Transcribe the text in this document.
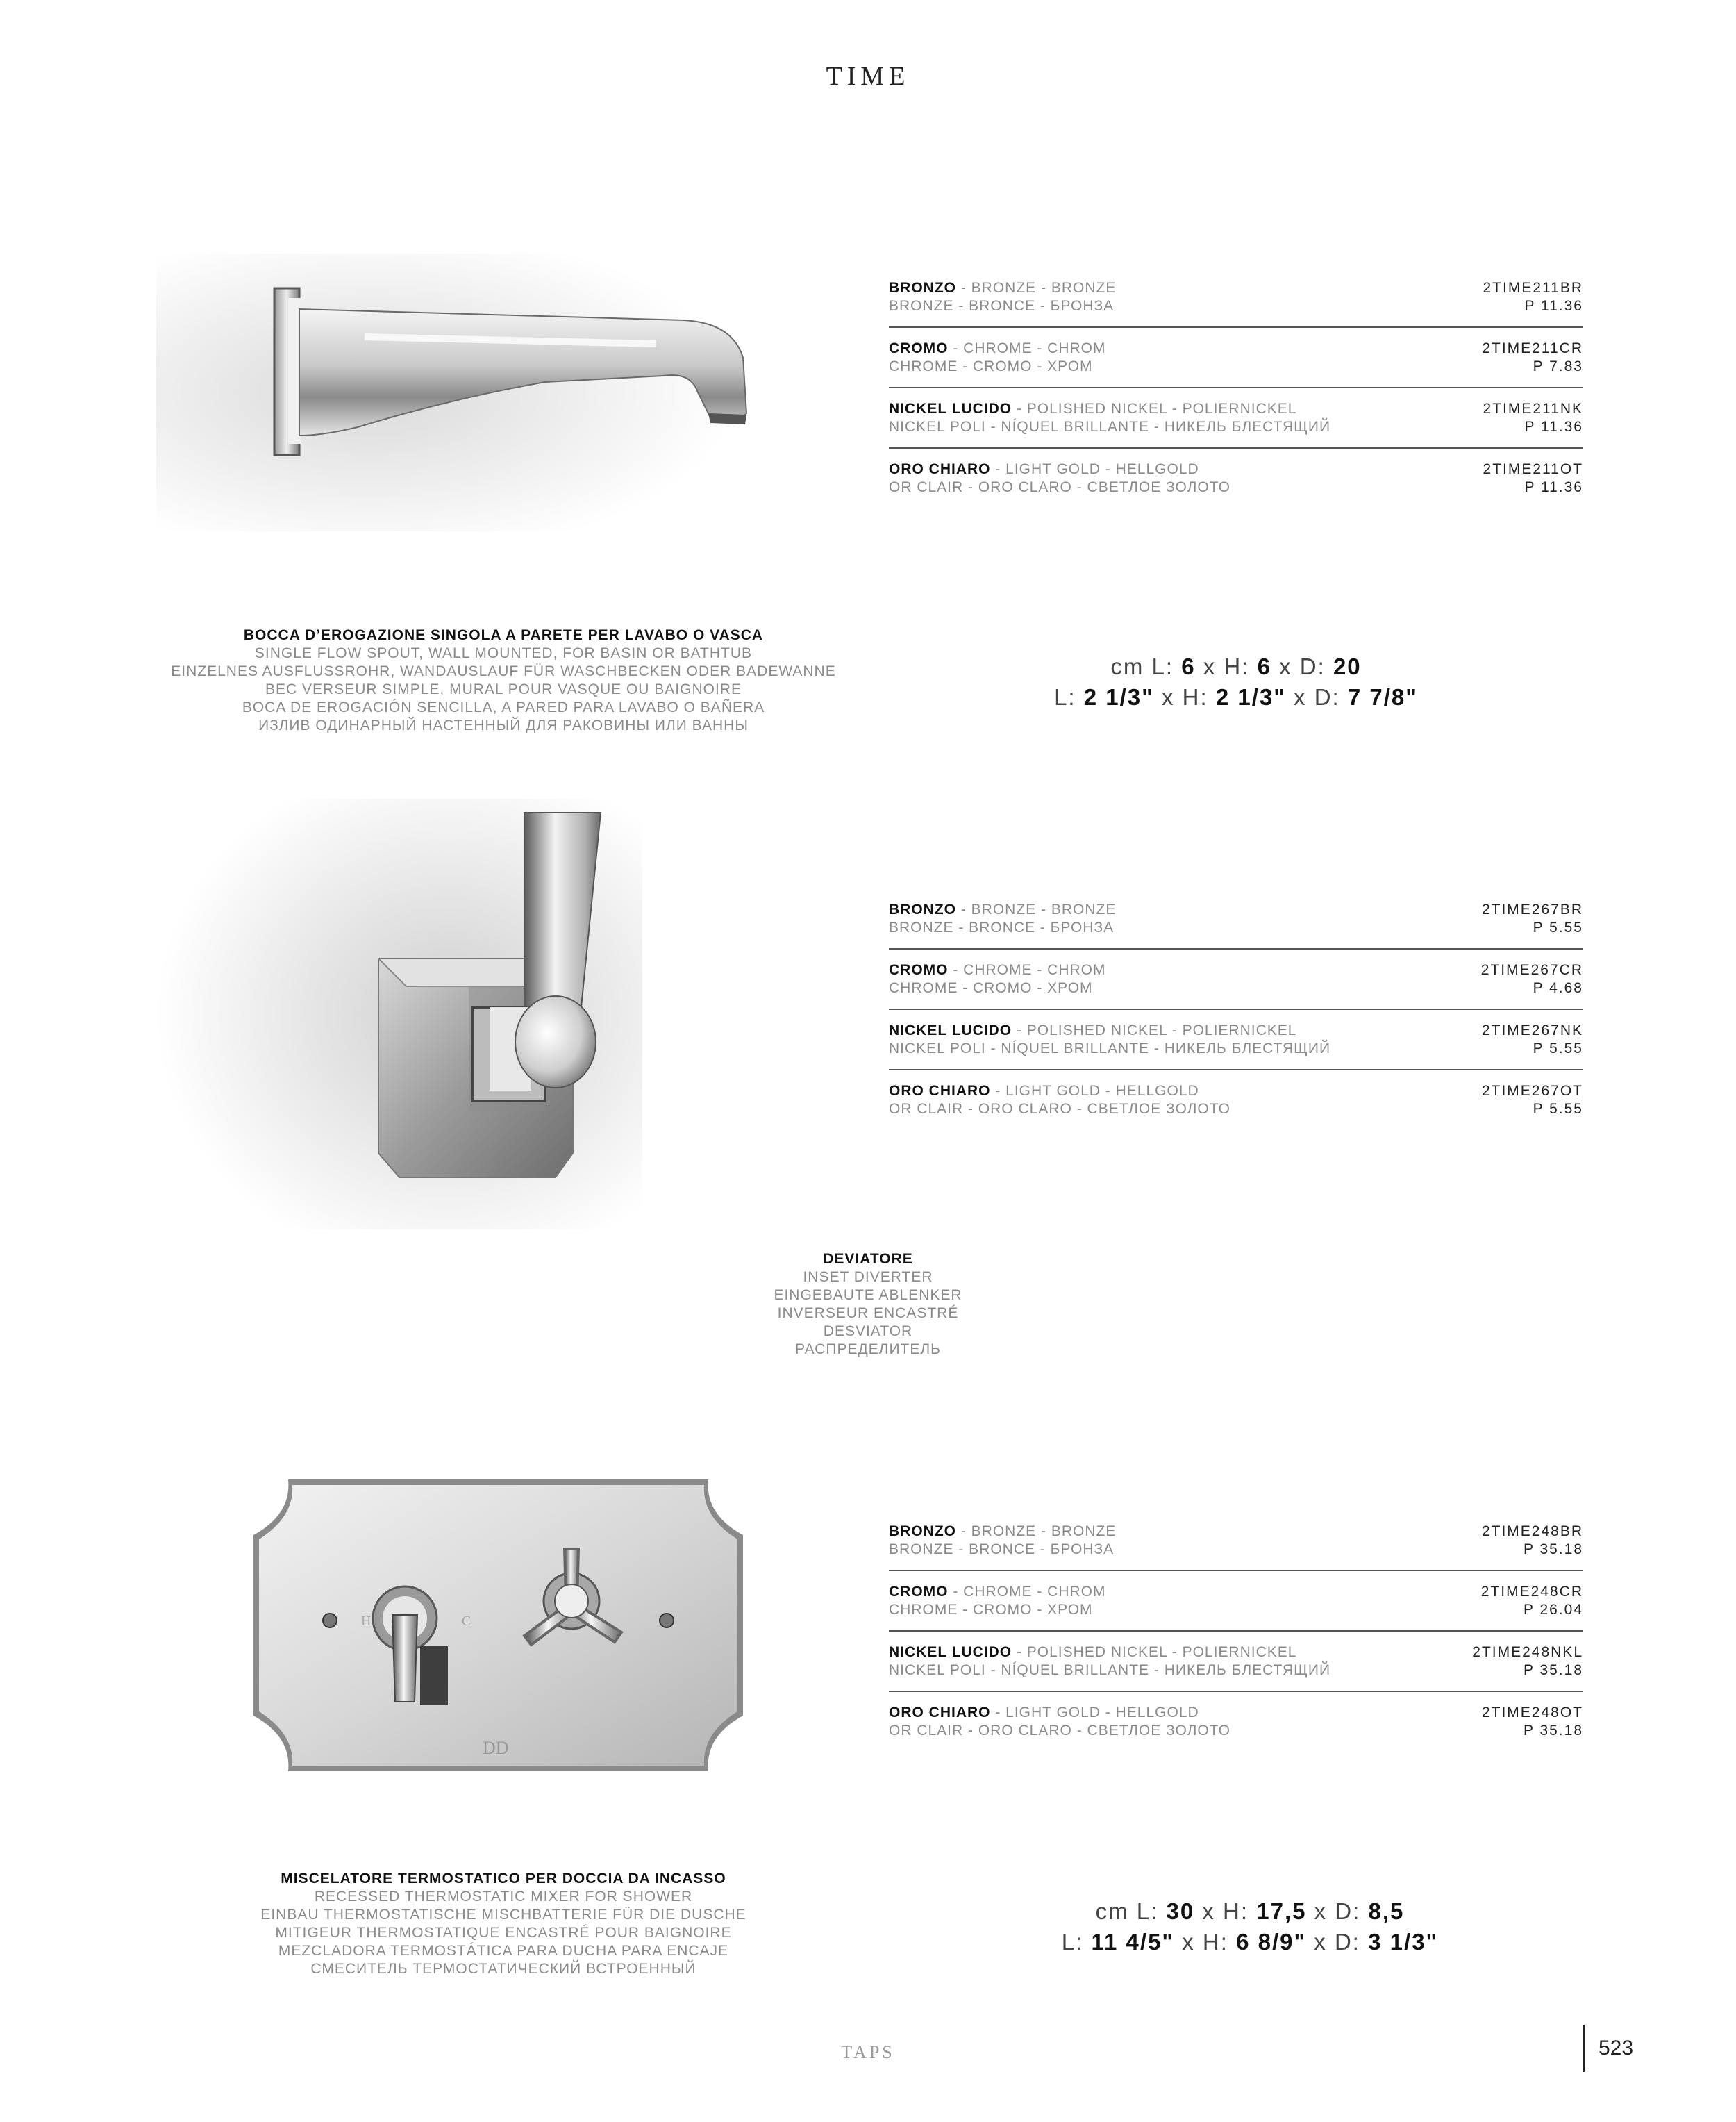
TIME
TAPS	523
BRONZO - BRONZE - BRONZE
BRONZE - BRONCE - БРОНЗА
2TIME211BR
P 11.36
CROMO - CHROME - CHROM
CHROME - CROMO - ХРОМ
2TIME211CR
P 7.83
NICKEL LUCIDO - POLISHED NICKEL - POLIERNICKEL
NICKEL POLI - NÍQUEL BRILLANTE - НИКЕЛЬ БЛЕСТЯЩИЙ
2TIME211NK
P 11.36
ORO CHIARO - LIGHT GOLD - HELLGOLD
OR CLAIR - ORO CLARO - СВЕТЛОЕ ЗОЛОТО
2TIME211OT
P 11.36
BOCCA D’EROGAZIONE SINGOLA A PARETE PER LAVABO O VASCA
SINGLE FLOW SPOUT, WALL MOUNTED, FOR BASIN OR BATHTUB
EINZELNES AUSFLUSSROHR, WANDAUSLAUF FÜR WASCHBECKEN ODER BADEWANNE
BEC VERSEUR SIMPLE, MURAL POUR VASQUE OU BAIGNOIRE
BOCA DE EROGACIÓN SENCILLA, A PARED PARA LAVABO O BAÑERA
ИЗЛИВ ОДИНАРНЫЙ НАСТЕННЫЙ ДЛЯ РАКОВИНЫ ИЛИ ВАННЫ
cm L: 6 x H: 6 x D: 20
L: 2 1/3" x H: 2 1/3" x D: 7 7/8"
BRONZO - BRONZE - BRONZE
BRONZE - BRONCE - БРОНЗА
2TIME267BR
P 5.55
CROMO - CHROME - CHROM
CHROME - CROMO - ХРОМ
2TIME267CR
P 4.68
NICKEL LUCIDO - POLISHED NICKEL - POLIERNICKEL
NICKEL POLI - NÍQUEL BRILLANTE - НИКЕЛЬ БЛЕСТЯЩИЙ
2TIME267NK
P 5.55
ORO CHIARO - LIGHT GOLD - HELLGOLD
OR CLAIR - ORO CLARO - СВЕТЛОЕ ЗОЛОТО
2TIME267OT
P 5.55
DEVIATORE
INSET DIVERTER
EINGEBAUTE ABLENKER
INVERSEUR ENCASTRÉ
DESVIATOR
РАСПРЕДЕЛИТЕЛЬ
H	C
DD
BRONZO - BRONZE - BRONZE
BRONZE - BRONCE - БРОНЗА
2TIME248BR
P 35.18
CROMO - CHROME - CHROM
CHROME - CROMO - ХРОМ
2TIME248CR
P 26.04
NICKEL LUCIDO - POLISHED NICKEL - POLIERNICKEL
NICKEL POLI - NÍQUEL BRILLANTE - НИКЕЛЬ БЛЕСТЯЩИЙ
2TIME248NKL
P 35.18
ORO CHIARO - LIGHT GOLD - HELLGOLD
OR CLAIR - ORO CLARO - СВЕТЛОЕ ЗОЛОТО
2TIME248OT
P 35.18
MISCELATORE TERMOSTATICO PER DOCCIA DA INCASSO
RECESSED THERMOSTATIC MIXER FOR SHOWER
EINBAU THERMOSTATISCHE MISCHBATTERIE FÜR DIE DUSCHE
MITIGEUR THERMOSTATIQUE ENCASTRÉ POUR BAIGNOIRE
MEZCLADORA TERMOSTÁTICA PARA DUCHA PARA ENCAJE
СМЕСИТЕЛЬ ТЕРМОСТАТИЧЕСКИЙ ВСТРОЕННЫЙ
cm L: 30 x H: 17,5 x D: 8,5
L: 11 4/5" x H: 6 8/9" x D: 3 1/3"
